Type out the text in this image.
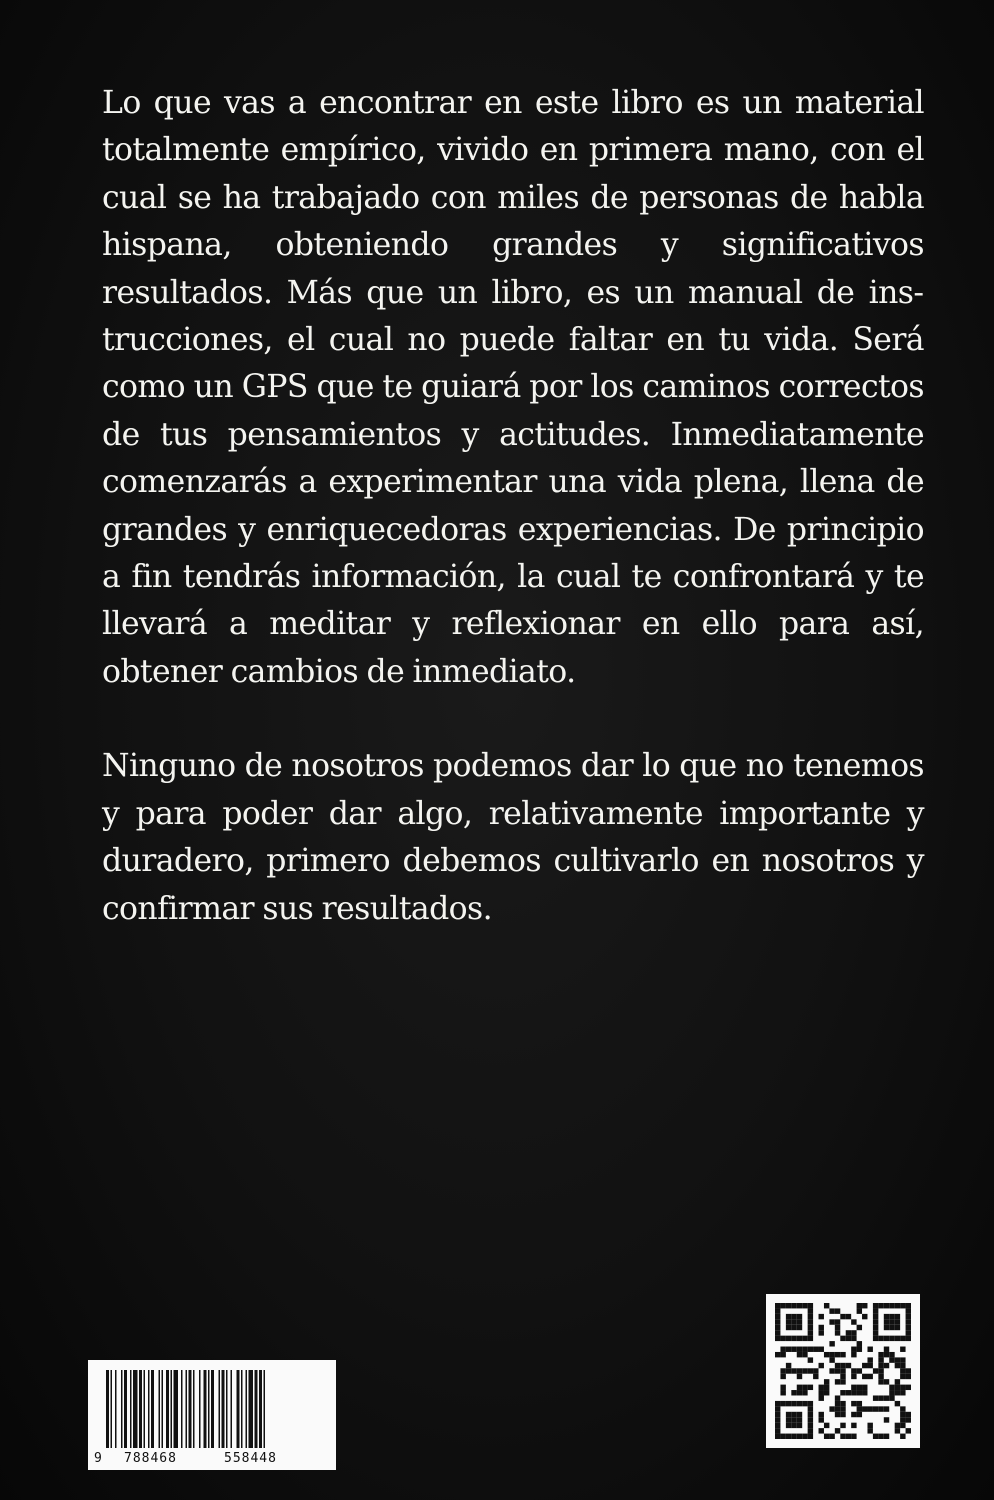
Lo que vas a encontrar en este libro es un material totalmente empírico, vivido en primera mano, con el cual se ha trabajado con miles de personas de habla hispana, obteniendo grandes y significativos resultados. Más que un libro, es un manual de instrucciones, el cual no puede faltar en tu vida. Será como un GPS que te guiará por los caminos correctos de tus pensamientos y actitudes. Inmediatamente comenzarás a experimentar una vida plena, llena de grandes y enriquecedoras experiencias. De principio a fin tendrás información, la cual te confrontará y te llevará a meditar y reflexionar en ello para así, obtener cambios de inmediato.

Ninguno de nosotros podemos dar lo que no tenemos y para poder dar algo, relativamente importante y duradero, primero debemos cultivarlo en nosotros y confirmar sus resultados.

9 788468	558448
